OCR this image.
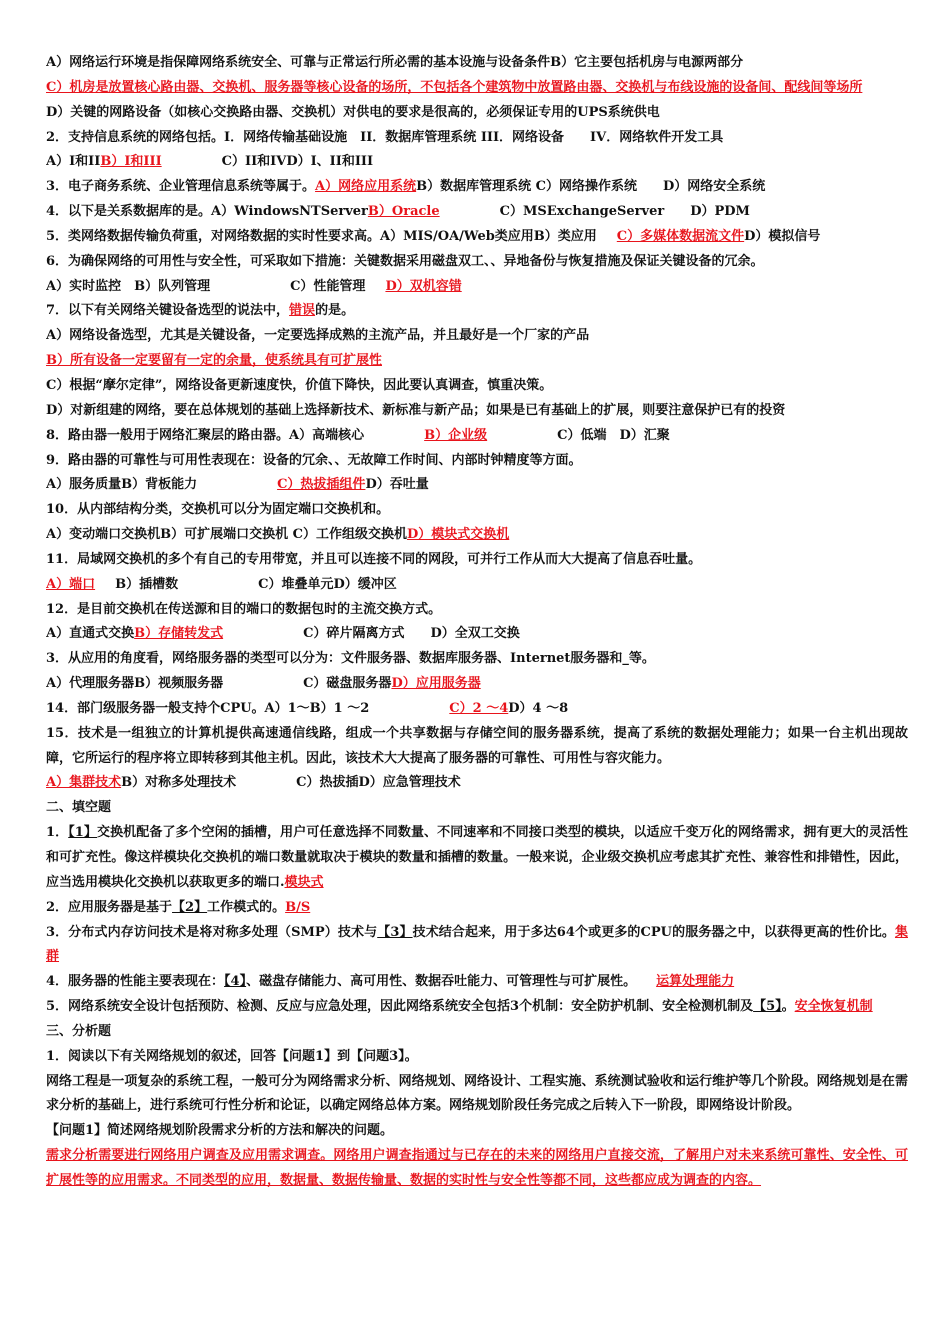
A）网络运行环境是指保障网络系统安全、可靠与正常运行所必需的基本设施与设备条件B）它主要包括机房与电源两部分

C）机房是放置核心路由器、交换机、服务器等核心设备的场所，不包括各个建筑物中放置路由器、交换机与布线设施的设备间、配线间等场所

D）关键的网路设备（如核心交换路由器、交换机）对供电的要求是很高的，必须保证专用的UPS系统供电

2．支持信息系统的网络包括。Ⅰ．网络传输基础设施　II．数据库管理系统 III．网络设备　　IV．网络软件开发工具

A）Ⅰ和IIB）Ⅰ和III	C）II和IVD）Ⅰ、II和III

3．电子商务系统、企业管理信息系统等属于。A）网络应用系统B）数据库管理系统 C）网络操作系统　　D）网络安全系统

4．以下是关系数据库的是。A）WindowsNTServerB）Oracle	C）MSExchangeServer　　D）PDM

5．类网络数据传输负荷重，对网络数据的实时性要求高。A）MIS/OA/Web类应用B）类应用 C）多媒体数据流文件D）模拟信号

6．为确保网络的可用性与安全性，可采取如下措施：关键数据采用磁盘双工、、异地备份与恢复措施及保证关键设备的冗余。

A）实时监控　B）队列管理	C）性能管理 D）双机容错

7．以下有关网络关键设备选型的说法中，错误的是。

A）网络设备选型，尤其是关键设备，一定要选择成熟的主流产品，并且最好是一个厂家的产品

B）所有设备一定要留有一定的余量，使系统具有可扩展性

C）根据“摩尔定律”，网络设备更新速度快，价值下降快，因此要认真调查，慎重决策。

D）对新组建的网络，要在总体规划的基础上选择新技术、新标准与新产品；如果是已有基础上的扩展，则要注意保护已有的投资

8．路由器一般用于网络汇聚层的路由器。A）高端核心	B）企业级	C）低端　D）汇聚

9．路由器的可靠性与可用性表现在：设备的冗余、、无故障工作时间、内部时钟精度等方面。

A）服务质量B）背板能力	C）热拔插组件D）吞吐量

10．从内部结构分类，交换机可以分为固定端口交换机和。

A）变动端口交换机B）可扩展端口交换机 C）工作组级交换机D）模块式交换机

11．局域网交换机的多个有自己的专用带宽，并且可以连接不同的网段，可并行工作从而大大提高了信息吞吐量。

A）端口 B）插槽数	C）堆叠单元D）缓冲区

12．是目前交换机在传送源和目的端口的数据包时的主流交换方式。

A）直通式交换B）存储转发式	C）碎片隔离方式　　D）全双工交换

3．从应用的角度看，网络服务器的类型可以分为：文件服务器、数据库服务器、Internet服务器和_等。

A）代理服务器B）视频服务器	C）磁盘服务器D）应用服务器

14．部门级服务器一般支持个CPU。A）1～B）1 ～2	C）2 ～4D）4 ～8

15．技术是一组独立的计算机提供高速通信线路，组成一个共享数据与存储空间的服务器系统，提高了系统的数据处理能力；如果一台主机出现故障，它所运行的程序将立即转移到其他主机。因此，该技术大大提高了服务器的可靠性、可用性与容灾能力。

A）集群技术B）对称多处理技术	C）热拔插D）应急管理技术

二、填空题

1．【1】交换机配备了多个空闲的插槽，用户可任意选择不同数量、不同速率和不同接口类型的模块，以适应千变万化的网络需求，拥有更大的灵活性和可扩充性。像这样模块化交换机的端口数量就取决于模块的数量和插槽的数量。一般来说，企业级交换机应考虑其扩充性、兼容性和排错性，因此，应当选用模块化交换机以获取更多的端口.模块式

2．应用服务器是基于【2】工作模式的。B/S

3．分布式内存访问技术是将对称多处理（SMP）技术与【3】技术结合起来，用于多达64个或更多的CPU的服务器之中，以获得更高的性价比。集群

4．服务器的性能主要表现在：【4】、磁盘存储能力、高可用性、数据吞吐能力、可管理性与可扩展性。 运算处理能力

5．网络系统安全设计包括预防、检测、反应与应急处理，因此网络系统安全包括3个机制：安全防护机制、安全检测机制及【5】。安全恢复机制

三、分析题

1．阅读以下有关网络规划的叙述，回答【问题1】到【问题3】。

网络工程是一项复杂的系统工程，一般可分为网络需求分析、网络规划、网络设计、工程实施、系统测试验收和运行维护等几个阶段。网络规划是在需求分析的基础上，进行系统可行性分析和论证，以确定网络总体方案。网络规划阶段任务完成之后转入下一阶段，即网络设计阶段。

【问题1】简述网络规划阶段需求分析的方法和解决的问题。

需求分析需要进行网络用户调查及应用需求调查。网络用户调查指通过与已存在的未来的网络用户直接交流，了解用户对未来系统可靠性、安全性、可扩展性等的应用需求。不同类型的应用，数据量、数据传输量、数据的实时性与安全性等都不同，这些都应成为调查的内容。
